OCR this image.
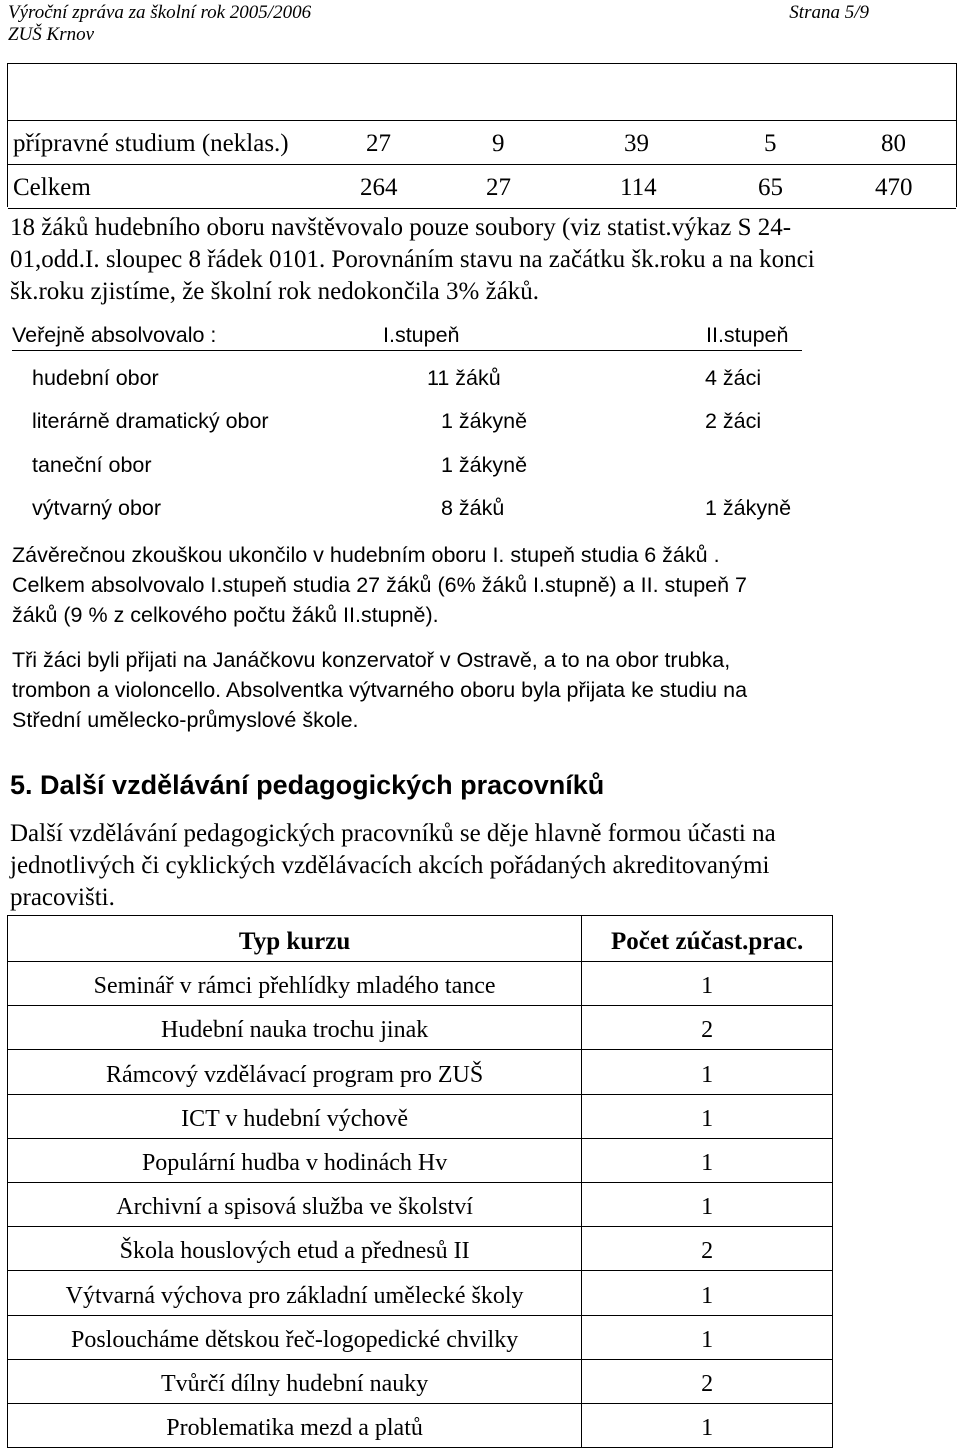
Výroční zpráva za školní rok 2005/2006	Strana 5/9
ZUŠ Krnov
přípravné studium (neklas.)	27	9	39	5	80
Celkem	264	27	114	65	470
18 žáků hudebního oboru navštěvovalo pouze soubory (viz statist.výkaz S 24-
01,odd.I. sloupec 8 řádek 0101. Porovnáním stavu na začátku šk.roku a na konci
šk.roku zjistíme, že školní rok nedokončila 3% žáků.
Veřejně absolvovalo :	I.stupeň	II.stupeň
hudební obor	11 žáků	4 žáci
literárně dramatický obor	1 žákyně	2 žáci
taneční obor	1 žákyně
výtvarný obor	8 žáků	1 žákyně
Závěrečnou zkouškou ukončilo v hudebním oboru I. stupeň studia 6 žáků .
Celkem absolvovalo I.stupeň studia 27 žáků (6% žáků I.stupně) a II. stupeň 7
žáků (9 % z celkového počtu žáků II.stupně).
Tři žáci byli přijati na Janáčkovu konzervatoř v Ostravě, a to na obor trubka,
trombon a violoncello. Absolventka výtvarného oboru byla přijata ke studiu na
Střední umělecko-průmyslové škole.
5. Další vzdělávání pedagogických pracovníků
Další vzdělávání pedagogických pracovníků se děje hlavně formou účasti na
jednotlivých či cyklických vzdělávacích akcích pořádaných akreditovanými
pracovišti.
Typ kurzu	Počet zúčast.prac.
Seminář v rámci přehlídky mladého tance	1
Hudební nauka trochu jinak	2
Rámcový vzdělávací program pro ZUŠ	1
ICT v hudební výchově	1
Populární hudba v hodinách Hv	1
Archivní a spisová služba ve školství	1
Škola houslových etud a přednesů II	2
Výtvarná výchova pro základní umělecké školy	1
Posloucháme dětskou řeč-logopedické chvilky	1
Tvůrčí dílny hudební nauky	2
Problematika mezd a platů	1
